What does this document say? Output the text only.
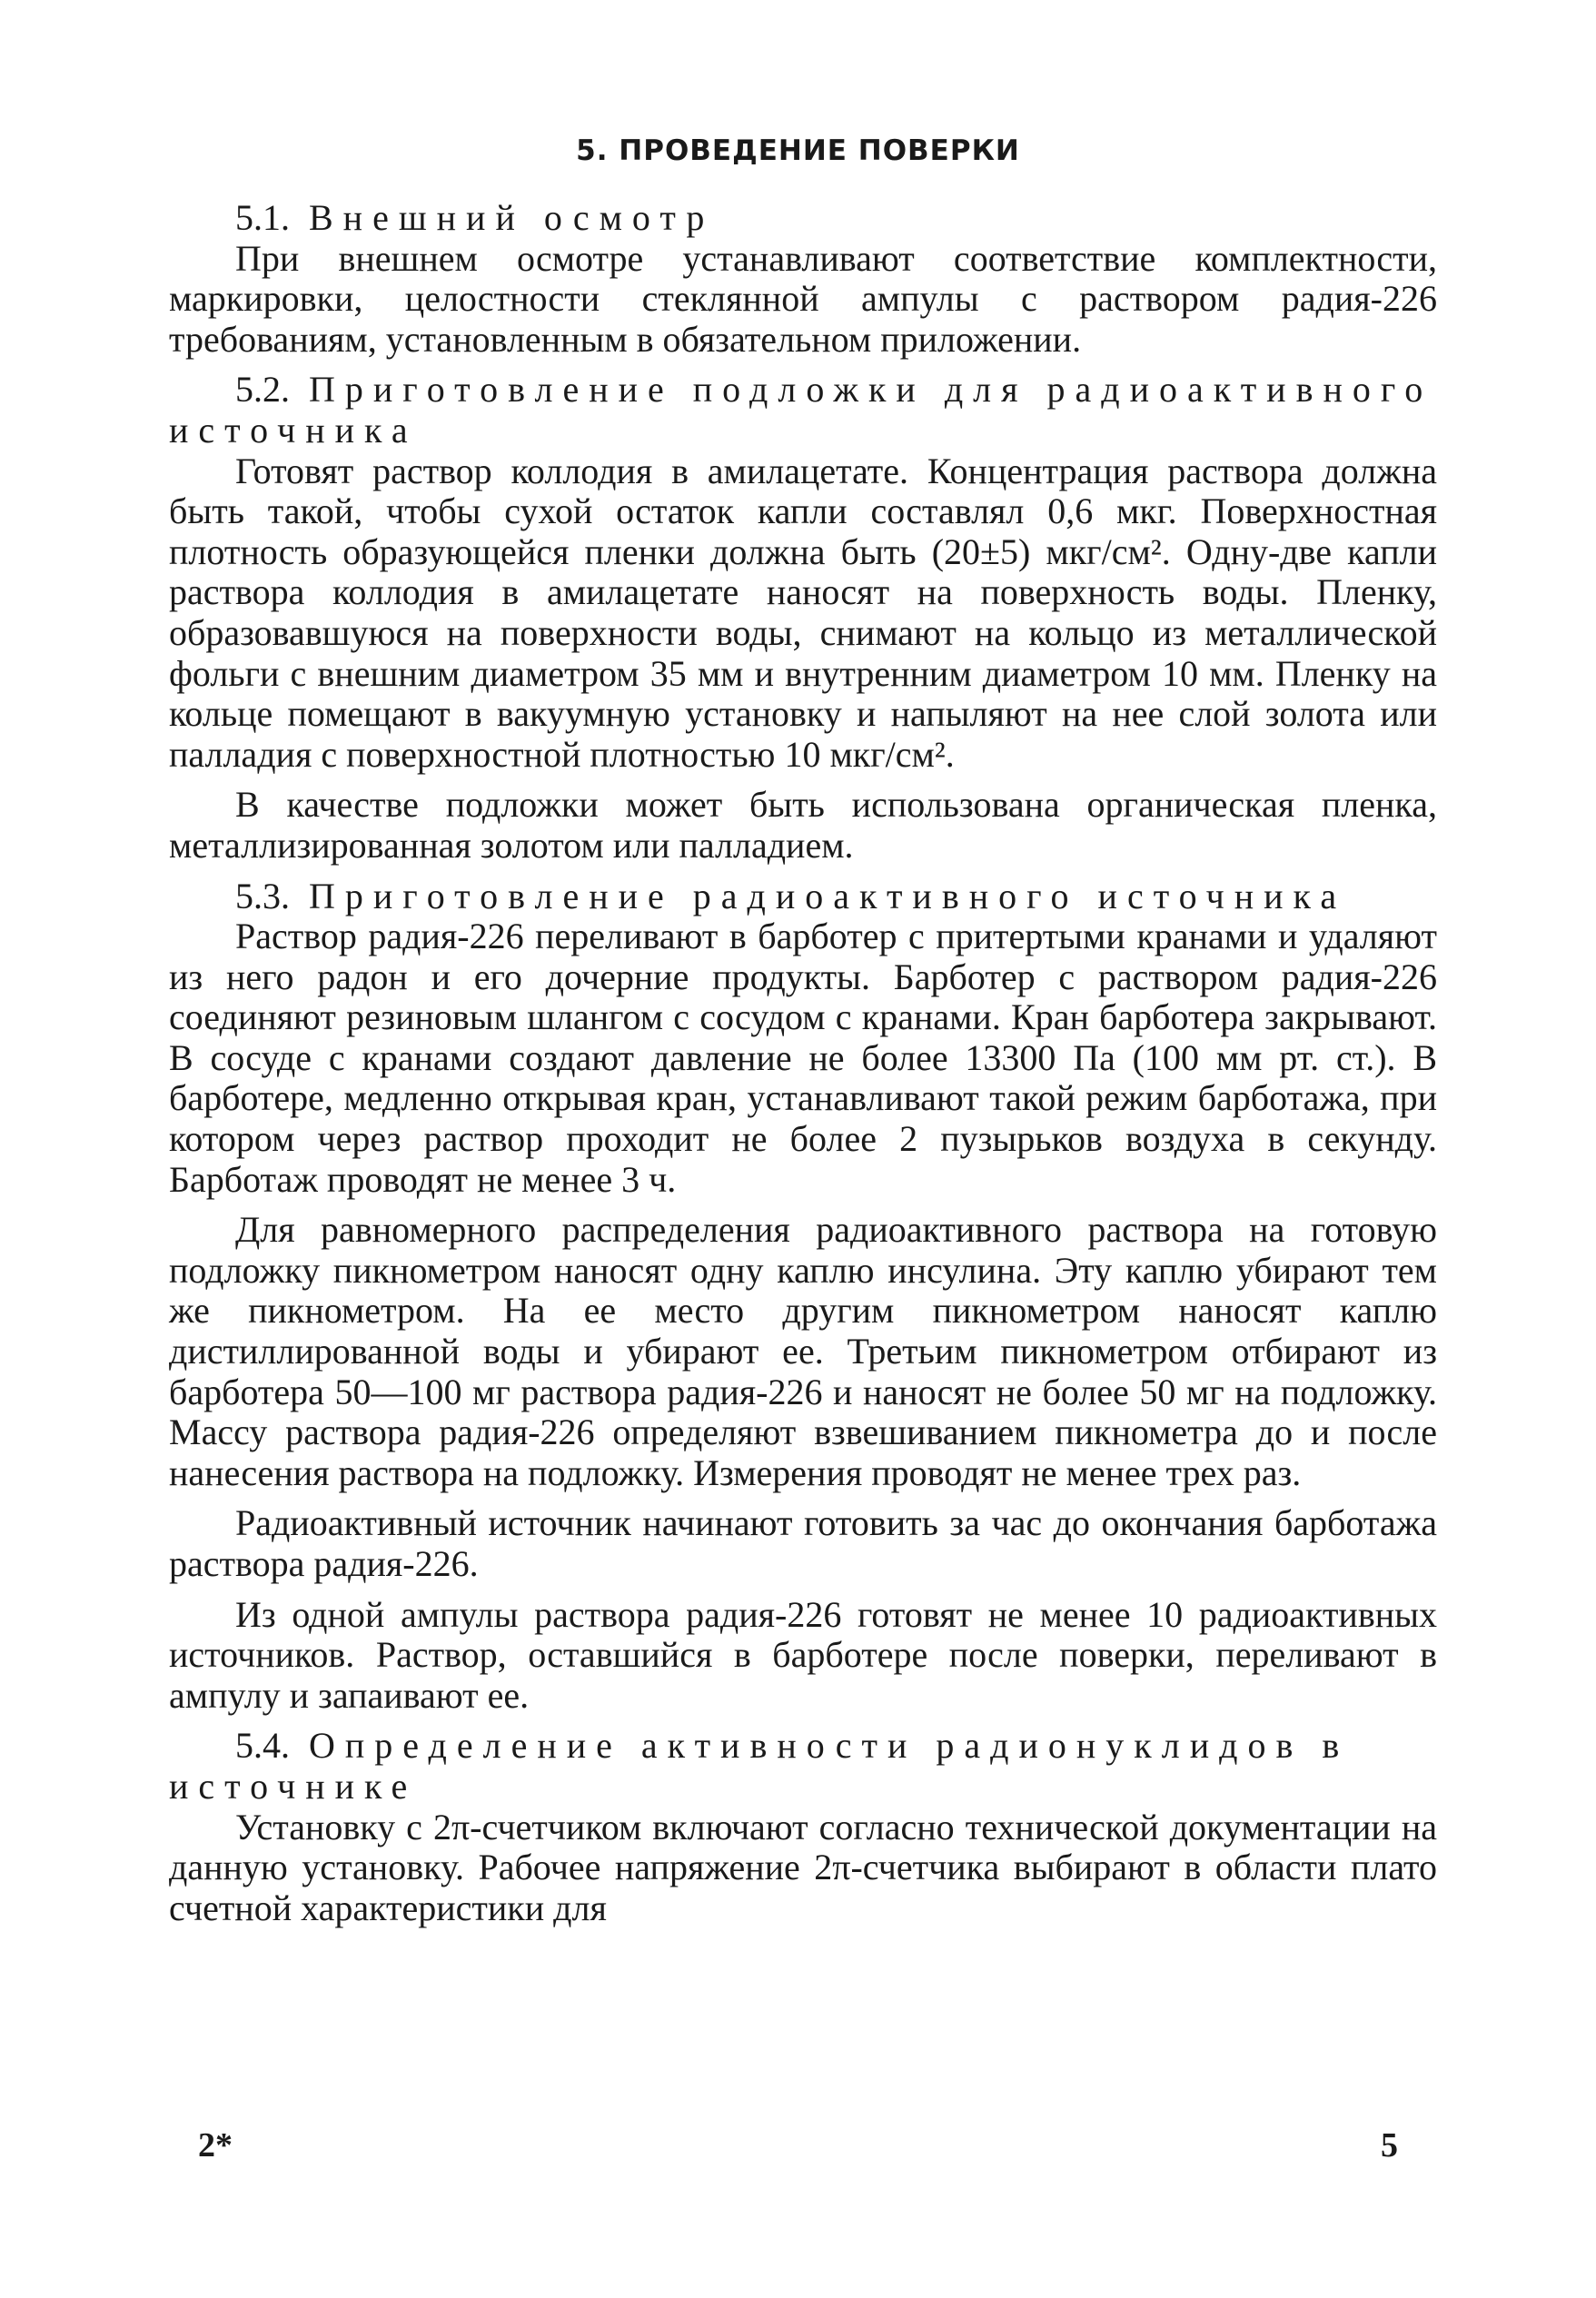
5. ПРОВЕДЕНИЕ ПОВЕРКИ
5.1. Внешний осмотр

При внешнем осмотре устанавливают соответствие комплектности, маркировки, целостности стеклянной ампулы с раствором радия-226 требованиям, установленным в обязательном приложении.

5.2. Приготовление подложки для радиоактивного источника

Готовят раствор коллодия в амилацетате. Концентрация раствора должна быть такой, чтобы сухой остаток капли составлял 0,6 мкг. Поверхностная плотность образующейся пленки должна быть (20±5) мкг/см². Одну-две капли раствора коллодия в амилацетате наносят на поверхность воды. Пленку, образовавшуюся на поверхности воды, снимают на кольцо из металлической фольги с внешним диаметром 35 мм и внутренним диаметром 10 мм. Пленку на кольце помещают в вакуумную установку и напыляют на нее слой золота или палладия с поверхностной плотностью 10 мкг/см².

В качестве подложки может быть использована органическая пленка, металлизированная золотом или палладием.

5.3. Приготовление радиоактивного источника

Раствор радия-226 переливают в барботер с притертыми кранами и удаляют из него радон и его дочерние продукты. Барботер с раствором радия-226 соединяют резиновым шлангом с сосудом с кранами. Кран барботера закрывают. В сосуде с кранами создают давление не более 13300 Па (100 мм рт. ст.). В барботере, медленно открывая кран, устанавливают такой режим барботажа, при котором через раствор проходит не более 2 пузырьков воздуха в секунду. Барботаж проводят не менее 3 ч.

Для равномерного распределения радиоактивного раствора на готовую подложку пикнометром наносят одну каплю инсулина. Эту каплю убирают тем же пикнометром. На ее место другим пикнометром наносят каплю дистиллированной воды и убирают ее. Третьим пикнометром отбирают из барботера 50—100 мг раствора радия-226 и наносят не более 50 мг на подложку. Массу раствора радия-226 определяют взвешиванием пикнометра до и после нанесения раствора на подложку. Измерения проводят не менее трех раз.

Радиоактивный источник начинают готовить за час до окончания барботажа раствора радия-226.

Из одной ампулы раствора радия-226 готовят не менее 10 радиоактивных источников. Раствор, оставшийся в барботере после поверки, переливают в ампулу и запаивают ее.

5.4. Определение активности радионуклидов в источнике

Установку с 2π-счетчиком включают согласно технической документации на данную установку. Рабочее напряжение 2π-счетчика выбирают в области плато счетной характеристики для

2*	5
